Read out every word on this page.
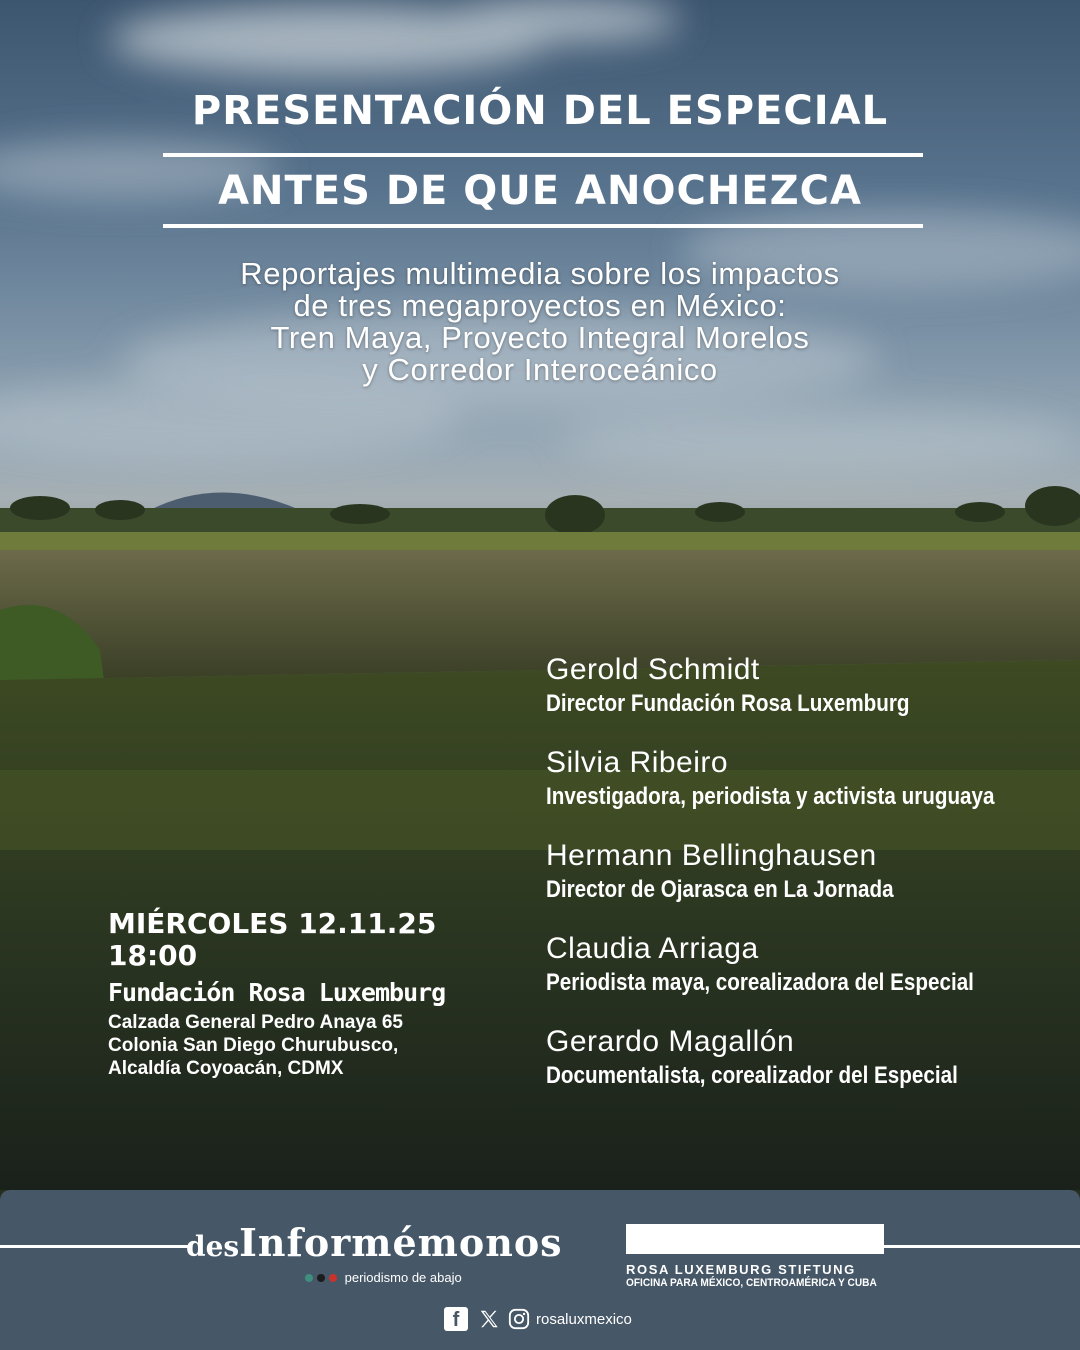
PRESENTACIÓN DEL ESPECIAL
ANTES DE QUE ANOCHEZCA
Reportajes multimedia sobre los impactos
de tres megaproyectos en México:
Tren Maya, Proyecto Integral Morelos
y Corredor Interoceánico
MIÉRCOLES 12.11.25
18:00
Fundación Rosa Luxemburg
Calzada General Pedro Anaya 65
Colonia San Diego Churubusco,
Alcaldía Coyoacán, CDMX
Gerold Schmidt
Director Fundación Rosa Luxemburg
Silvia Ribeiro
Investigadora, periodista y activista uruguaya
Hermann Bellinghausen
Director de Ojarasca en La Jornada
Claudia Arriaga
Periodista maya, corealizadora del Especial
Gerardo Magallón
Documentalista, corealizador del Especial
desInformémonos
periodismo de abajo
ROSA LUXEMBURG STIFTUNG
OFICINA PARA MÉXICO, CENTROAMÉRICA Y CUBA
f	rosaluxmexico
